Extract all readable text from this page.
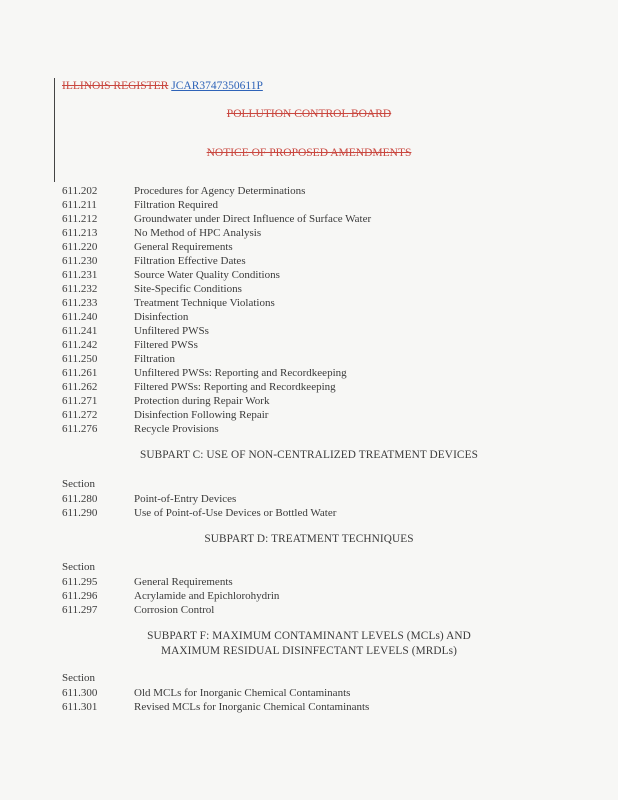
ILLINOIS REGISTER JCAR3747350611P
POLLUTION CONTROL BOARD
NOTICE OF PROPOSED AMENDMENTS
611.202	Procedures for Agency Determinations
611.211	Filtration Required
611.212	Groundwater under Direct Influence of Surface Water
611.213	No Method of HPC Analysis
611.220	General Requirements
611.230	Filtration Effective Dates
611.231	Source Water Quality Conditions
611.232	Site-Specific Conditions
611.233	Treatment Technique Violations
611.240	Disinfection
611.241	Unfiltered PWSs
611.242	Filtered PWSs
611.250	Filtration
611.261	Unfiltered PWSs: Reporting and Recordkeeping
611.262	Filtered PWSs: Reporting and Recordkeeping
611.271	Protection during Repair Work
611.272	Disinfection Following Repair
611.276	Recycle Provisions
SUBPART C: USE OF NON-CENTRALIZED TREATMENT DEVICES
Section
611.280	Point-of-Entry Devices
611.290	Use of Point-of-Use Devices or Bottled Water
SUBPART D: TREATMENT TECHNIQUES
Section
611.295	General Requirements
611.296	Acrylamide and Epichlorohydrin
611.297	Corrosion Control
SUBPART F: MAXIMUM CONTAMINANT LEVELS (MCLs) AND
MAXIMUM RESIDUAL DISINFECTANT LEVELS (MRDLs)
Section
611.300	Old MCLs for Inorganic Chemical Contaminants
611.301	Revised MCLs for Inorganic Chemical Contaminants
